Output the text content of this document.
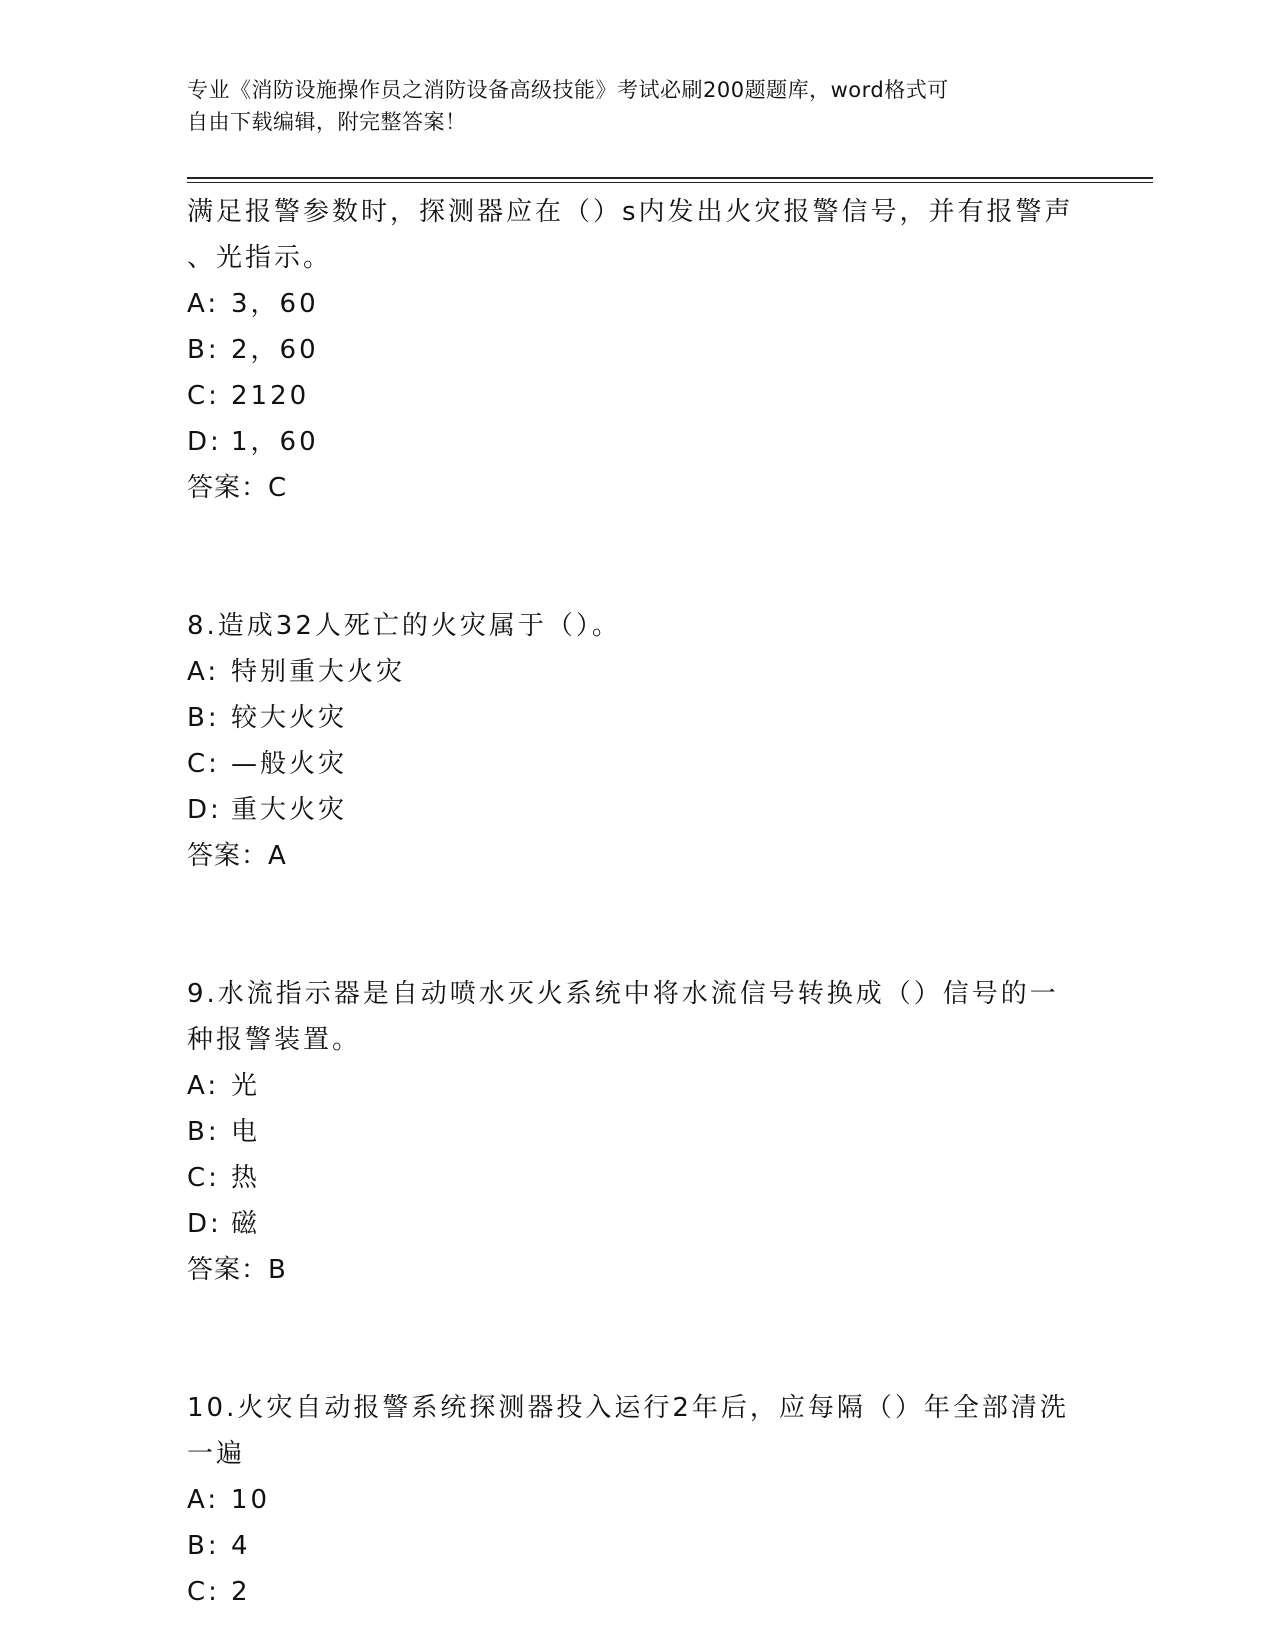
专业《消防设施操作员之消防设备高级技能》考试必刷200题题库，word格式可
自由下载编辑，附完整答案！
满足报警参数时，探测器应在（）s内发出火灾报警信号，并有报警声
、光指示。
A: 3，60
B: 2，60
C: 2120
D: 1，60
答案：C
8.造成32人死亡的火灾属于（）。
A: 特别重大火灾
B: 较大火灾
C: —般火灾
D: 重大火灾
答案：A
9.水流指示器是自动喷水灭火系统中将水流信号转换成（）信号的一
种报警装置。
A: 光
B: 电
C: 热
D: 磁
答案：B
10.火灾自动报警系统探测器投入运行2年后，应每隔（）年全部清洗
一遍
A: 10
B: 4
C: 2
